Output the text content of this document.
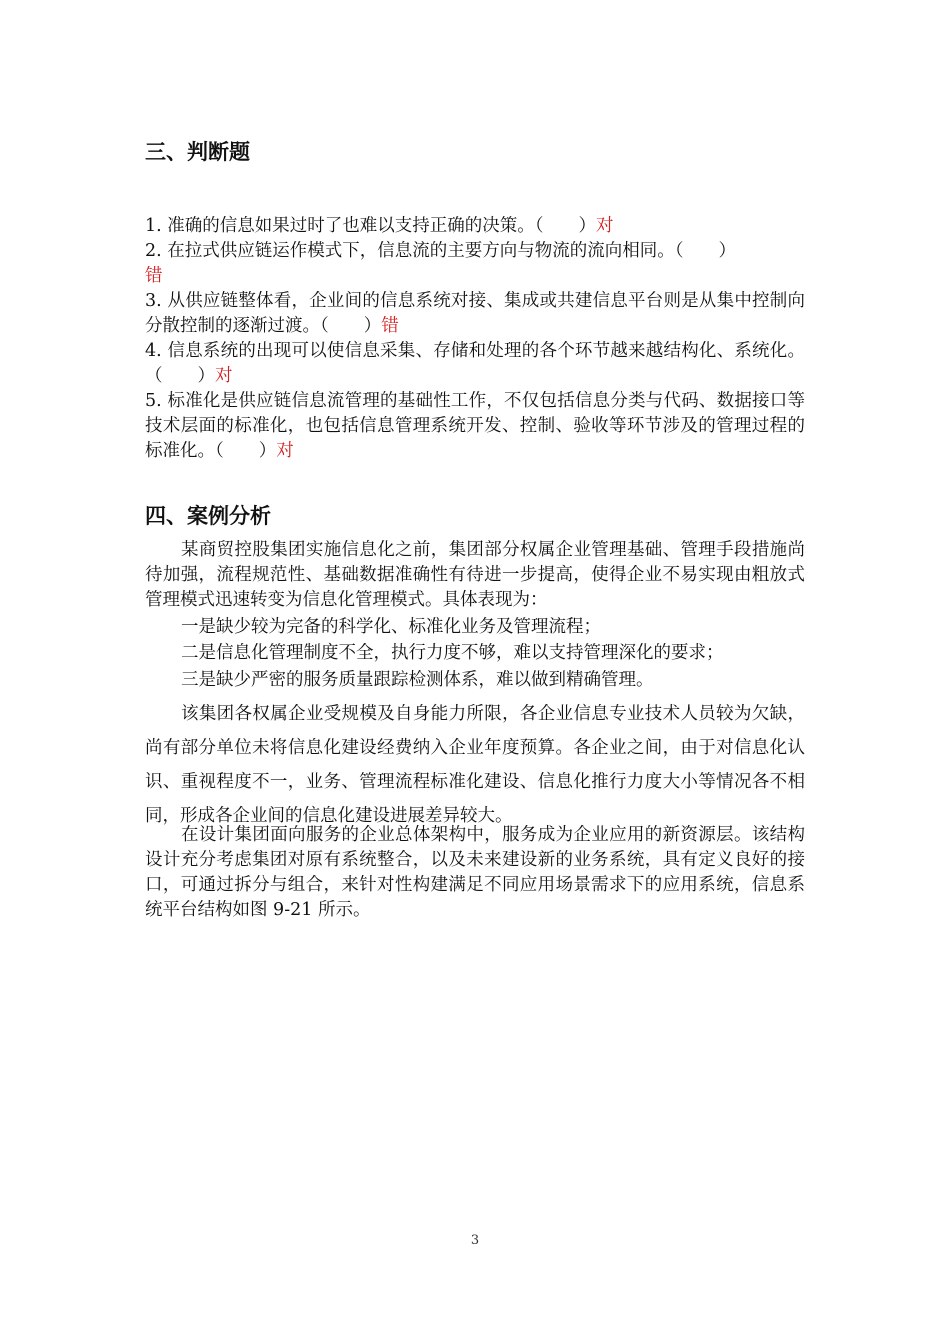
三、判断题

1. 准确的信息如果过时了也难以支持正确的决策。（　　）对

2. 在拉式供应链运作模式下，信息流的主要方向与物流的流向相同。（　　）
错

3. 从供应链整体看，企业间的信息系统对接、集成或共建信息平台则是从集中控制向分散控制的逐渐过渡。（　　）错

4. 信息系统的出现可以使信息采集、存储和处理的各个环节越来越结构化、系统化。（　　）对

5. 标准化是供应链信息流管理的基础性工作，不仅包括信息分类与代码、数据接口等技术层面的标准化，也包括信息管理系统开发、控制、验收等环节涉及的管理过程的标准化。（　　）对

四、案例分析

某商贸控股集团实施信息化之前，集团部分权属企业管理基础、管理手段措施尚待加强，流程规范性、基础数据准确性有待进一步提高，使得企业不易实现由粗放式管理模式迅速转变为信息化管理模式。具体表现为：

一是缺少较为完备的科学化、标准化业务及管理流程；

二是信息化管理制度不全，执行力度不够，难以支持管理深化的要求；

三是缺少严密的服务质量跟踪检测体系，难以做到精确管理。

该集团各权属企业受规模及自身能力所限，各企业信息专业技术人员较为欠缺，尚有部分单位未将信息化建设经费纳入企业年度预算。各企业之间，由于对信息化认识、重视程度不一，业务、管理流程标准化建设、信息化推行力度大小等情况各不相同，形成各企业间的信息化建设进展差异较大。

在设计集团面向服务的企业总体架构中，服务成为企业应用的新资源层。该结构设计充分考虑集团对原有系统整合，以及未来建设新的业务系统，具有定义良好的接口，可通过拆分与组合，来针对性构建满足不同应用场景需求下的应用系统，信息系统平台结构如图 9-21 所示。

3
